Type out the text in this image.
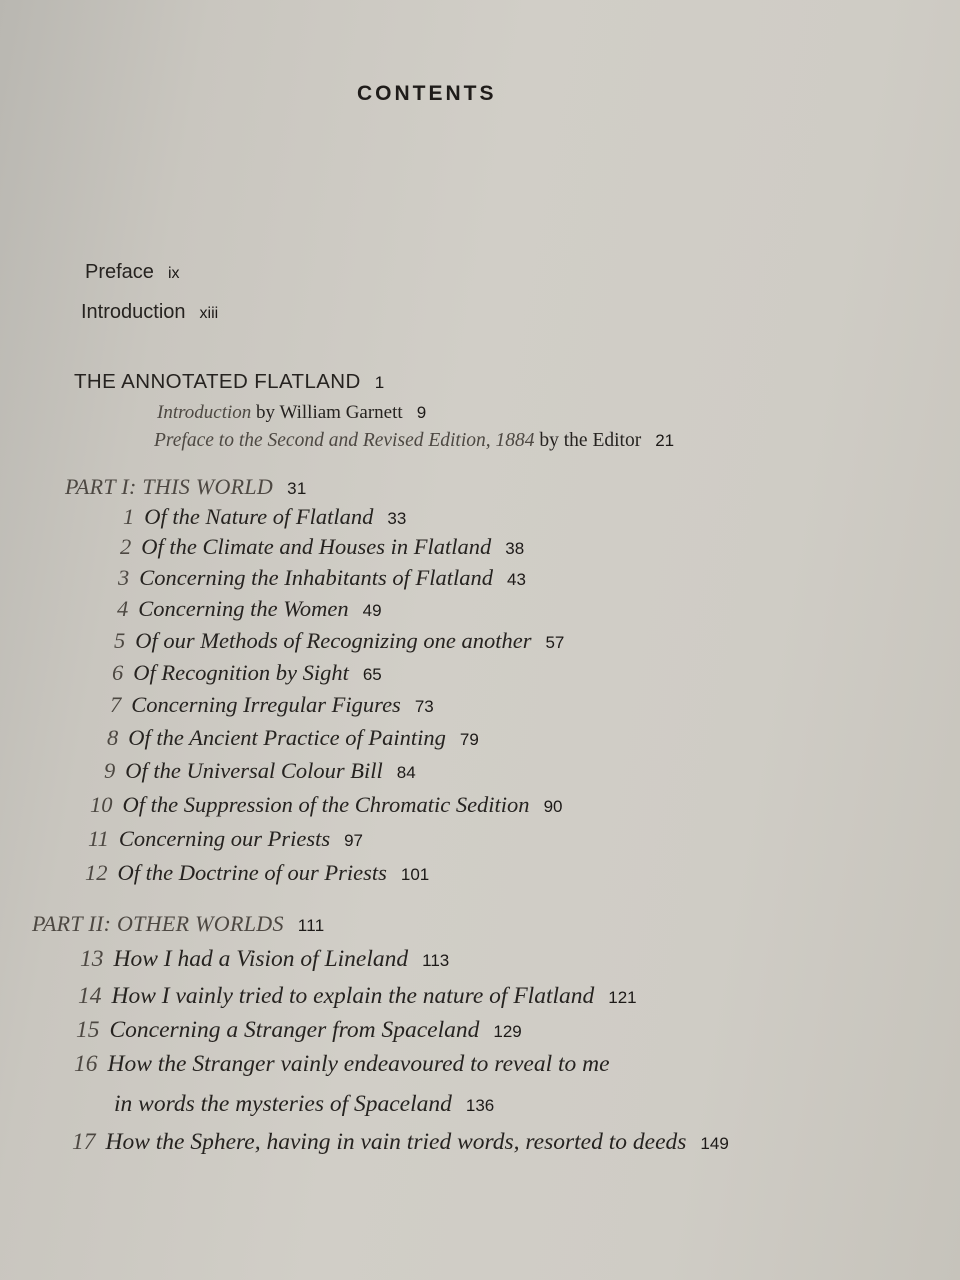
CONTENTS
Preface ix
Introduction xiii
THE ANNOTATED FLATLAND 1
Introduction by William Garnett 9
Preface to the Second and Revised Edition, 1884 by the Editor 21
PART I: THIS WORLD 31
1 Of the Nature of Flatland 33
2 Of the Climate and Houses in Flatland 38
3 Concerning the Inhabitants of Flatland 43
4 Concerning the Women 49
5 Of our Methods of Recognizing one another 57
6 Of Recognition by Sight 65
7 Concerning Irregular Figures 73
8 Of the Ancient Practice of Painting 79
9 Of the Universal Colour Bill 84
10 Of the Suppression of the Chromatic Sedition 90
11 Concerning our Priests 97
12 Of the Doctrine of our Priests 101
PART II: OTHER WORLDS 111
13 How I had a Vision of Lineland 113
14 How I vainly tried to explain the nature of Flatland 121
15 Concerning a Stranger from Spaceland 129
16 How the Stranger vainly endeavoured to reveal to me
in words the mysteries of Spaceland 136
17 How the Sphere, having in vain tried words, resorted to deeds 149
